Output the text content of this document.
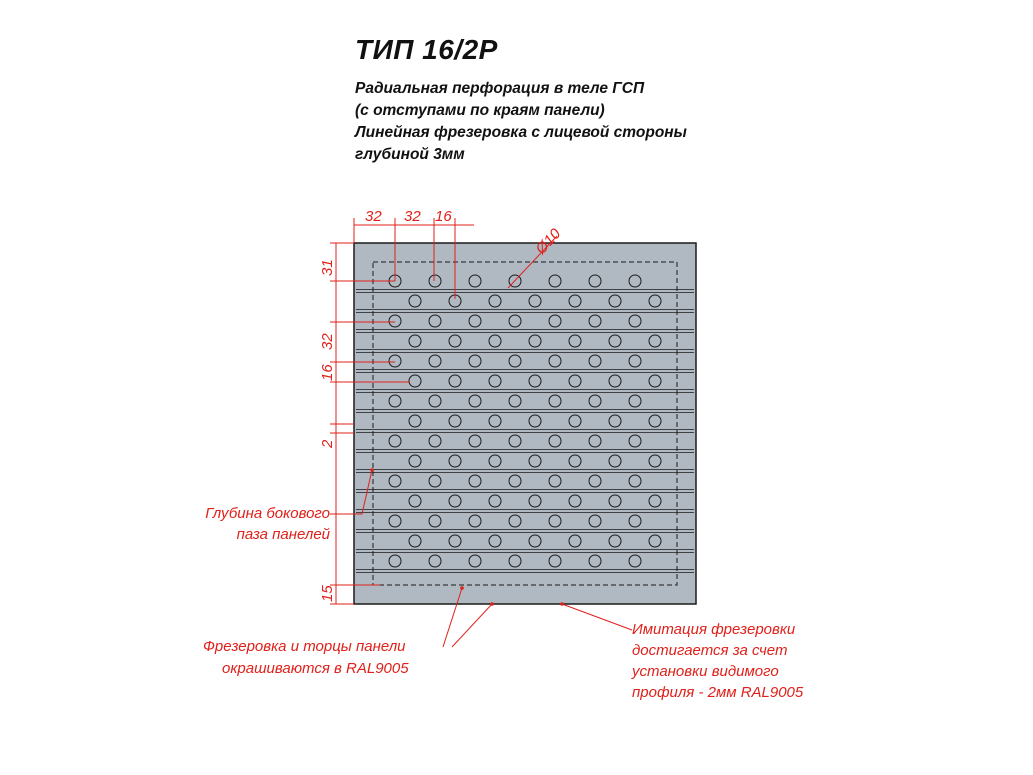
ТИП 16/2Р
Радиальная перфорация в теле ГСП
(с отступами по краям панели)
Линейная фрезеровка с лицевой стороны
глубиной 3мм
32 32 16
Ø10
31
32
16
2
15
Глубина бокового
паза панелей
Фрезеровка и торцы панели
окрашиваются в RAL9005
Имитация фрезеровки
достигается за счет
установки видимого
профиля - 2мм RAL9005
